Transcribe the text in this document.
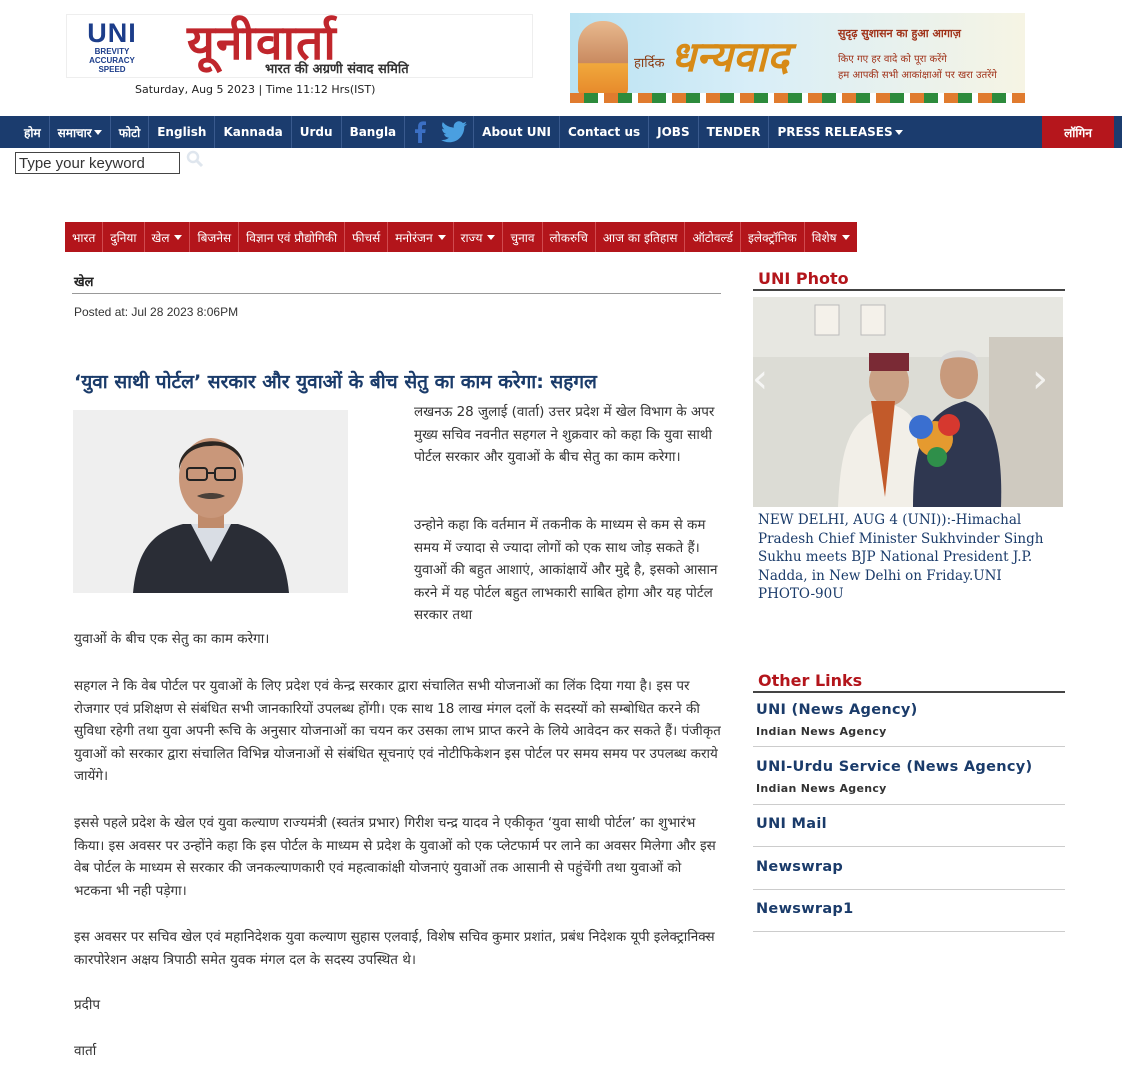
UNI
BREVITY
ACCURACY
SPEED	यूनीवार्ता
भारत की अग्रणी संवाद समिति
Saturday, Aug 5 2023 | Time 11:12 Hrs(IST)
हार्दिक धन्यवाद	सुदृढ़ सुशासन का हुआ आगाज़
किए गए हर वादे को पूरा करेंगे
हम आपकी सभी आकांक्षाओं पर खरा उतरेंगे
होम	समाचार	फोटो	English	Kannada	Urdu	Bangla	About UNI	Contact us	JOBS	TENDER	PRESS RELEASES	लॉगिन
Type your keyword
भारत	दुनिया	खेल	बिजनेस	विज्ञान एवं प्रौद्योगिकी	फीचर्स	मनोरंजन राज्य	चुनाव	लोकरुचि	आज का इतिहास	ऑटोवर्ल्ड	इलेक्ट्रॉनिक	विशेष
खेल
Posted at: Jul 28 2023 8:06PM
‘युवा साथी पोर्टल’ सरकार और युवाओं के बीच सेतु का काम करेगा: सहगल

लखनऊ 28 जुलाई (वार्ता) उत्तर प्रदेश में खेल विभाग के अपर मुख्य सचिव नवनीत सहगल ने शुक्रवार को कहा कि युवा साथी पोर्टल सरकार और युवाओं के बीच सेतु का काम करेगा।

उन्होने कहा कि वर्तमान में तकनीक के माध्यम से कम से कम समय में ज्यादा से ज्यादा लोगों को एक साथ जोड़ सकते हैं। युवाओं की बहुत आशाएं, आकांक्षायें और मुद्दे है, इसको आसान करने में यह पोर्टल बहुत लाभकारी साबित होगा और यह पोर्टल सरकार तथा

युवाओं के बीच एक सेतु का काम करेगा।

सहगल ने कि वेब पोर्टल पर युवाओं के लिए प्रदेश एवं केन्द्र सरकार द्वारा संचालित सभी योजनाओं का लिंक दिया गया है। इस पर रोजगार एवं प्रशिक्षण से संबंधित सभी जानकारियों उपलब्ध होंगी। एक साथ 18 लाख मंगल दलों के सदस्यों को सम्बोधित करने की सुविधा रहेगी तथा युवा अपनी रूचि के अनुसार योजनाओं का चयन कर उसका लाभ प्राप्त करने के लिये आवेदन कर सकते हैं। पंजीकृत युवाओं को सरकार द्वारा संचालित विभिन्न योजनाओं से संबंधित सूचनाएं एवं नोटीफिकेशन इस पोर्टल पर समय समय पर उपलब्ध कराये जायेंगे।

इससे पहले प्रदेश के खेल एवं युवा कल्याण राज्यमंत्री (स्वतंत्र प्रभार) गिरीश चन्द्र यादव ने एकीकृत ‘युवा साथी पोर्टल’ का शुभारंभ किया। इस अवसर पर उन्होंने कहा कि इस पोर्टल के माध्यम से प्रदेश के युवाओं को एक प्लेटफार्म पर लाने का अवसर मिलेगा और इस वेब पोर्टल के माध्यम से सरकार की जनकल्याणकारी एवं महत्वाकांक्षी योजनाएं युवाओं तक आसानी से पहुंचेंगी तथा युवाओं को भटकना भी नही पड़ेगा।

इस अवसर पर सचिव खेल एवं महानिदेशक युवा कल्याण सुहास एलवाई, विशेष सचिव कुमार प्रशांत, प्रबंध निदेशक यूपी इलेक्ट्रानिक्स कारपोरेशन अक्षय त्रिपाठी समेत युवक मंगल दल के सदस्य उपस्थित थे।

प्रदीप

वार्ता

UNI Photo
‹	›
NEW DELHI, AUG 4 (UNI)):-Himachal Pradesh Chief Minister Sukhvinder Singh Sukhu meets BJP National President J.P. Nadda, in New Delhi on Friday.UNI PHOTO-90U
Other Links
UNI (News Agency)
Indian News Agency
UNI-Urdu Service (News Agency)
Indian News Agency
UNI Mail
Newswrap
Newswrap1
